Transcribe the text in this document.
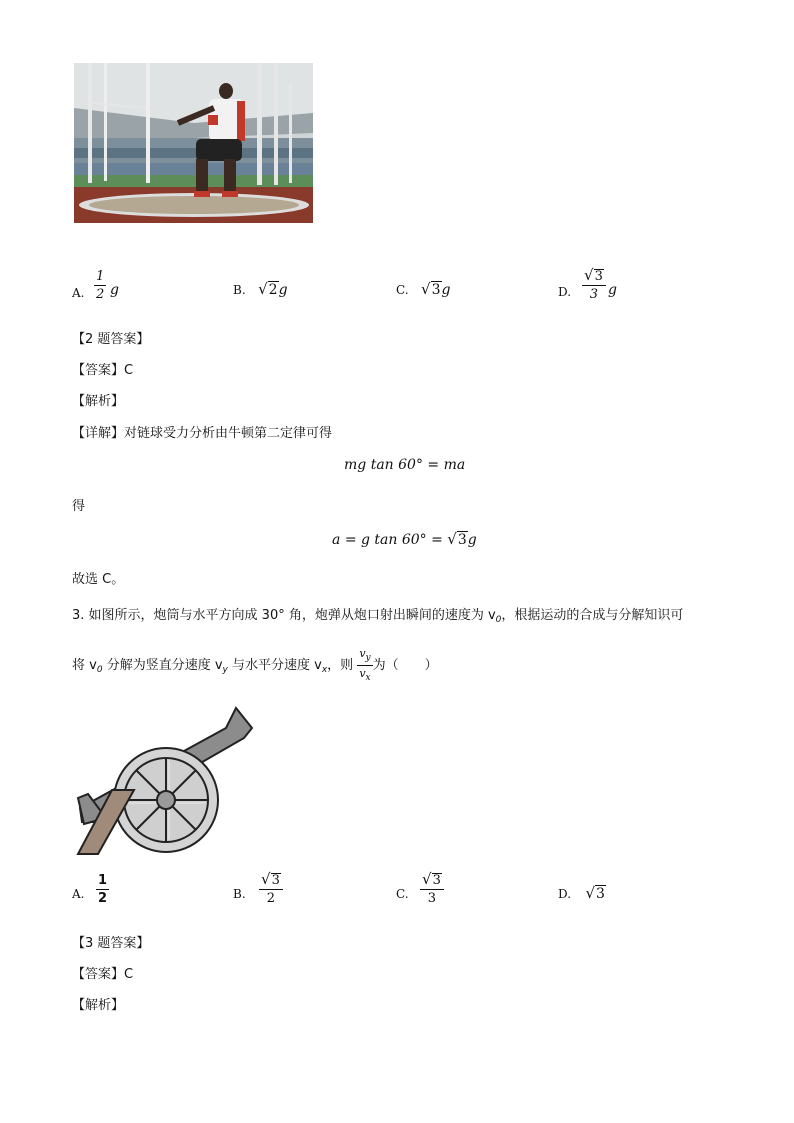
A. $\frac{1}{2}$ g	B. √ 2 g	C. √ 3 g	D. $\frac{√ 3}{3}$ g
【2 题答案】
【答案】C
【解析】
【详解】对链球受力分析由牛顿第二定律可得
mg tan 60° = ma
得
a = g tan 60° = √ 3 g
故选 C。
3. 如图所示，炮筒与水平方向成 30° 角，炮弹从炮口射出瞬间的速度为 $v_0$，根据运动的合成与分解知识可
将 $v_0$ 分解为竖直分速度 $v_y$ 与水平分速度 $v_x$，则 $\frac{v_y}{v_x}$ 为（　　）
A. $\frac{1}{2}$	B. $\frac{√ 3}{2}$	C. $\frac{√ 3}{3}$	D. √ 3
【3 题答案】
【答案】C
【解析】
